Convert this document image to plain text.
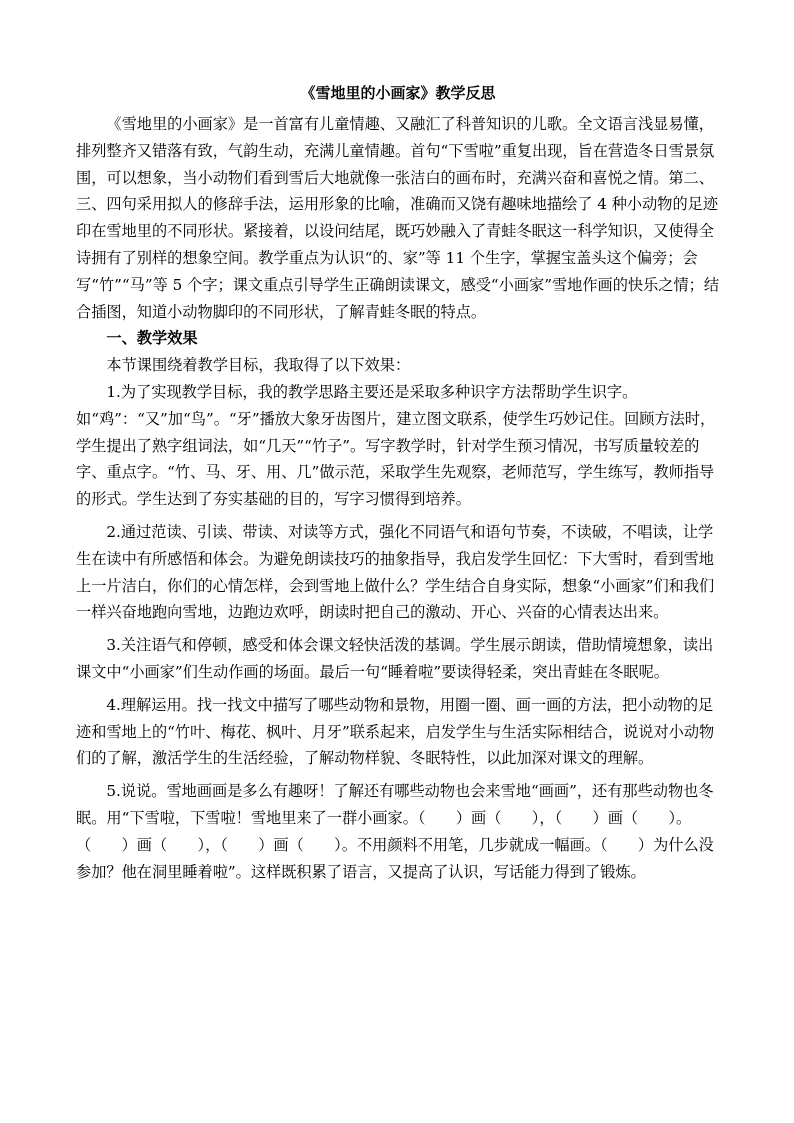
《雪地里的小画家》教学反思

《雪地里的小画家》是一首富有儿童情趣、又融汇了科普知识的儿歌。全文语言浅显易懂，排列整齐又错落有致，气韵生动，充满儿童情趣。首句“下雪啦”重复出现，旨在营造冬日雪景氛围，可以想象，当小动物们看到雪后大地就像一张洁白的画布时，充满兴奋和喜悦之情。第二、三、四句采用拟人的修辞手法，运用形象的比喻，准确而又饶有趣味地描绘了 4 种小动物的足迹印在雪地里的不同形状。紧接着，以设问结尾，既巧妙融入了青蛙冬眠这一科学知识，又使得全诗拥有了别样的想象空间。教学重点为认识“的、家”等 11 个生字，掌握宝盖头这个偏旁；会写“竹”“马”等 5 个字；课文重点引导学生正确朗读课文，感受“小画家”雪地作画的快乐之情；结合插图，知道小动物脚印的不同形状，了解青蛙冬眠的特点。

一、教学效果

本节课围绕着教学目标，我取得了以下效果：

1.为了实现教学目标，我的教学思路主要还是采取多种识字方法帮助学生识字。如“鸡”：“又”加“鸟”。“牙”播放大象牙齿图片，建立图文联系，使学生巧妙记住。回顾方法时，学生提出了熟字组词法，如“几天”“竹子”。写字教学时，针对学生预习情况，书写质量较差的字、重点字。“竹、马、牙、用、几”做示范，采取学生先观察，老师范写，学生练写，教师指导的形式。学生达到了夯实基础的目的，写字习惯得到培养。

2.通过范读、引读、带读、对读等方式，强化不同语气和语句节奏，不读破，不唱读，让学生在读中有所感悟和体会。为避免朗读技巧的抽象指导，我启发学生回忆：下大雪时，看到雪地上一片洁白，你们的心情怎样，会到雪地上做什么？学生结合自身实际，想象“小画家”们和我们一样兴奋地跑向雪地，边跑边欢呼，朗读时把自己的激动、开心、兴奋的心情表达出来。

3.关注语气和停顿，感受和体会课文轻快活泼的基调。学生展示朗读，借助情境想象，读出课文中“小画家”们生动作画的场面。最后一句“睡着啦”要读得轻柔，突出青蛙在冬眠呢。

4.理解运用。找一找文中描写了哪些动物和景物，用圈一圈、画一画的方法，把小动物的足迹和雪地上的“竹叶、梅花、枫叶、月牙”联系起来，启发学生与生活实际相结合，说说对小动物们的了解，激活学生的生活经验，了解动物样貌、冬眠特性，以此加深对课文的理解。

5.说说。雪地画画是多么有趣呀！了解还有哪些动物也会来雪地“画画”，还有那些动物也冬眠。用“下雪啦，下雪啦！雪地里来了一群小画家。（　　）画（　　），（　　）画（　　）。（　　）画（　　），（　　）画（　　）。不用颜料不用笔，几步就成一幅画。（　　）为什么没参加？他在洞里睡着啦”。这样既积累了语言，又提高了认识，写话能力得到了锻炼。
